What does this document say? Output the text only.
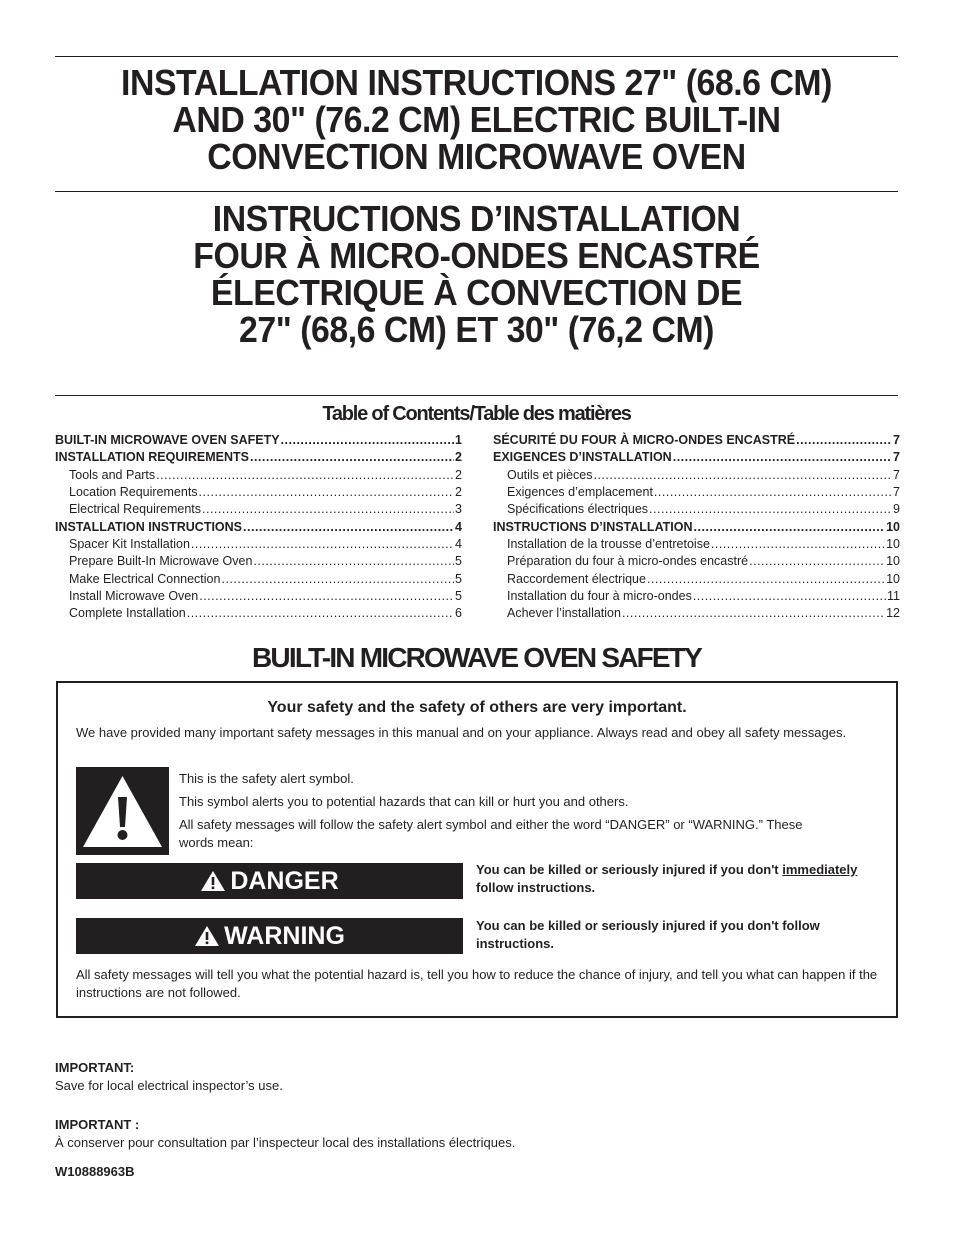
INSTALLATION INSTRUCTIONS 27" (68.6 CM)
AND 30" (76.2 CM) ELECTRIC BUILT-IN
CONVECTION MICROWAVE OVEN
INSTRUCTIONS D’INSTALLATION
FOUR À MICRO-ONDES ENCASTRÉ
ÉLECTRIQUE À CONVECTION DE
27" (68,6 CM) ET 30" (76,2 CM)
Table of Contents/Table des matières
BUILT-IN MICROWAVE OVEN SAFETY .....	1
INSTALLATION REQUIREMENTS .....	2
Tools and Parts .....	2
Location Requirements .....	2
Electrical Requirements .....	3
INSTALLATION INSTRUCTIONS .....	4
Spacer Kit Installation .....	4
Prepare Built-In Microwave Oven .....	5
Make Electrical Connection .....	5
Install Microwave Oven .....	5
Complete Installation .....	6
SÉCURITÉ DU FOUR À MICRO-ONDES ENCASTRÉ .....	7
EXIGENCES D’INSTALLATION .....	7
Outils et pièces .....	7
Exigences d’emplacement .....	7
Spécifications électriques .....	9
INSTRUCTIONS D’INSTALLATION .....	10
Installation de la trousse d’entretoise .....	10
Préparation du four à micro-ondes encastré .....	10
Raccordement électrique .....	10
Installation du four à micro-ondes .....	11
Achever l’installation .....	12
BUILT-IN MICROWAVE OVEN SAFETY
Your safety and the safety of others are very important.
We have provided many important safety messages in this manual and on your appliance. Always read and obey all safety messages.

This is the safety alert symbol.

This symbol alerts you to potential hazards that can kill or hurt you and others.

All safety messages will follow the safety alert symbol and either the word “DANGER” or “WARNING.” These words mean:

DANGER	You can be killed or seriously injured if you don't immediately follow instructions.
WARNING	You can be killed or seriously injured if you don't follow instructions.
All safety messages will tell you what the potential hazard is, tell you how to reduce the chance of injury, and tell you what can happen if the instructions are not followed.
IMPORTANT:
Save for local electrical inspector’s use.
IMPORTANT :
À conserver pour consultation par l’inspecteur local des installations électriques.
W10888963B
